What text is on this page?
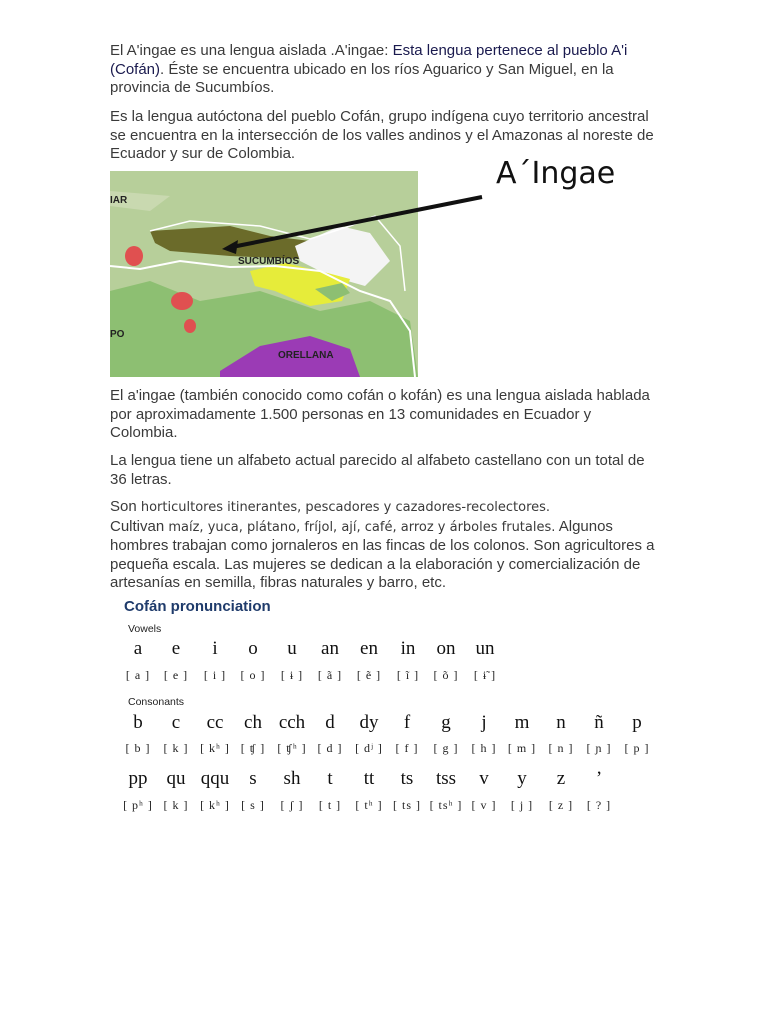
El A'ingae es una lengua aislada .A'ingae: Esta lengua pertenece al pueblo A'i (Cofán). Éste se encuentra ubicado en los ríos Aguarico y San Miguel, en la provincia de Sucumbíos.

Es la lengua autóctona del pueblo Cofán, grupo indígena cuyo territorio ancestral se encuentra en la intersección de los valles andinos y el Amazonas al noreste de Ecuador y sur de Colombia.

El a'ingae (también conocido como cofán o kofán) es una lengua aislada hablada por aproximadamente 1.500 personas en 13 comunidades en Ecuador y Colombia.

La lengua tiene un alfabeto actual parecido al alfabeto castellano con un total de 36 letras.

Son horticultores itinerantes, pescadores y cazadores-recolectores.
Cultivan maíz, yuca, plátano, fríjol, ají, café, arroz y árboles frutales. Algunos hombres trabajan como jornaleros en las fincas de los colonos. Son agricultores a pequeña escala. Las mujeres se dedican a la elaboración y comercialización de artesanías en semilla, fibras naturales y barro, etc.

SUCUMBÍOS
ORELLANA
IAR
PO
A´Ingae
Cofán pronunciation
Vowels
a
[ a ]
e
[ e ]
i
[ i ]
o
[ o ]
u
[ ɨ ]
an
[ ã ]
en
[ ẽ ]
in
[ ĩ ]
on
[ õ ]
un
[ ɨ̃ ]
Consonants
b
[ b ]
c
[ k ]
cc
[ kʰ ]
ch
[ ʧ ]
cch
[ ʧʰ ]
d
[ d ]
dy
[ dʲ ]
f
[ f ]
g
[ g ]
j
[ h ]
m
[ m ]
n
[ n ]
ñ
[ ɲ ]
p
[ p ]
pp
[ pʰ ]
qu
[ k ]
qqu
[ kʰ ]
s
[ s ]
sh
[ ʃ ]
t
[ t ]
tt
[ tʰ ]
ts
[ ts ]
tss
[ tsʰ ]
v
[ v ]
y
[ j ]
z
[ z ]
’
[ ? ]
